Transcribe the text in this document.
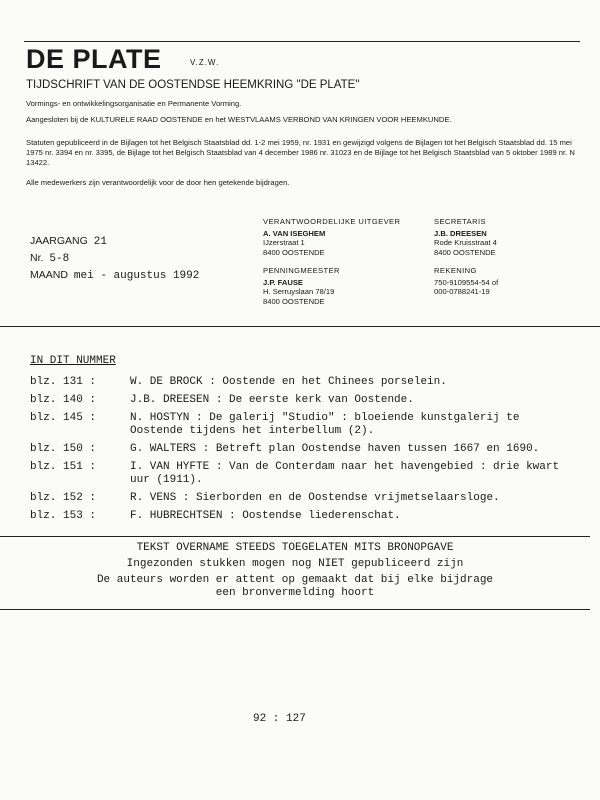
DE PLATE	V.Z.W.
TIJDSCHRIFT VAN DE OOSTENDSE HEEMKRING "DE PLATE"
Vormings- en ontwikkelingsorganisatie en Permanente Vorming.
Aangesloten bij de KULTURELE RAAD OOSTENDE en het WESTVLAAMS VERBOND VAN KRINGEN VOOR HEEMKUNDE.
Statuten gepubliceerd in de Bijlagen tot het Belgisch Staatsblad dd. 1-2 mei 1959, nr. 1931 en gewijzigd volgens de Bijlagen tot het Belgisch Staatsblad dd. 15 mei 1975 nr. 3394 en nr. 3395, de Bijlage tot het Belgisch Staatsblad van 4 december 1986 nr. 31023 en de Bijlage tot het Belgisch Staatsblad van 5 oktober 1989 nr. N 13422.
Alle medewerkers zijn verantwoordelijk voor de door hen getekende bijdragen.
JAARGANG 21
Nr. 5-8
MAAND mei - augustus 1992
VERANTWOORDELIJKE UITGEVER
A. VAN ISEGHEM
IJzerstraat 1
8400 OOSTENDE
SECRETARIS
J.B. DREESEN
Rode Kruisstraat 4
8400 OOSTENDE
PENNINGMEESTER
J.P. FAUSE
H. Serruyslaan 78/19
8400 OOSTENDE
REKENING
750-9109554-54 of
000-0788241-19
IN DIT NUMMER
blz. 131 :	W. DE BROCK : Oostende en het Chinees porselein.
blz. 140 :	J.B. DREESEN : De eerste kerk van Oostende.
blz. 145 :	N. HOSTYN : De galerij "Studio" : bloeiende kunstgalerij te Oostende tijdens het interbellum (2).
blz. 150 :	G. WALTERS : Betreft plan Oostendse haven tussen 1667 en 1690.
blz. 151 :	I. VAN HYFTE : Van de Conterdam naar het havengebied : drie kwart uur (1911).
blz. 152 :	R. VENS : Sierborden en de Oostendse vrijmetselaarsloge.
blz. 153 :	F. HUBRECHTSEN : Oostendse liederenschat.
TEKST OVERNAME STEEDS TOEGELATEN MITS BRONOPGAVE
Ingezonden stukken mogen nog NIET gepubliceerd zijn
De auteurs worden er attent op gemaakt dat bij elke bijdrage
een bronvermelding hoort
92 : 127
